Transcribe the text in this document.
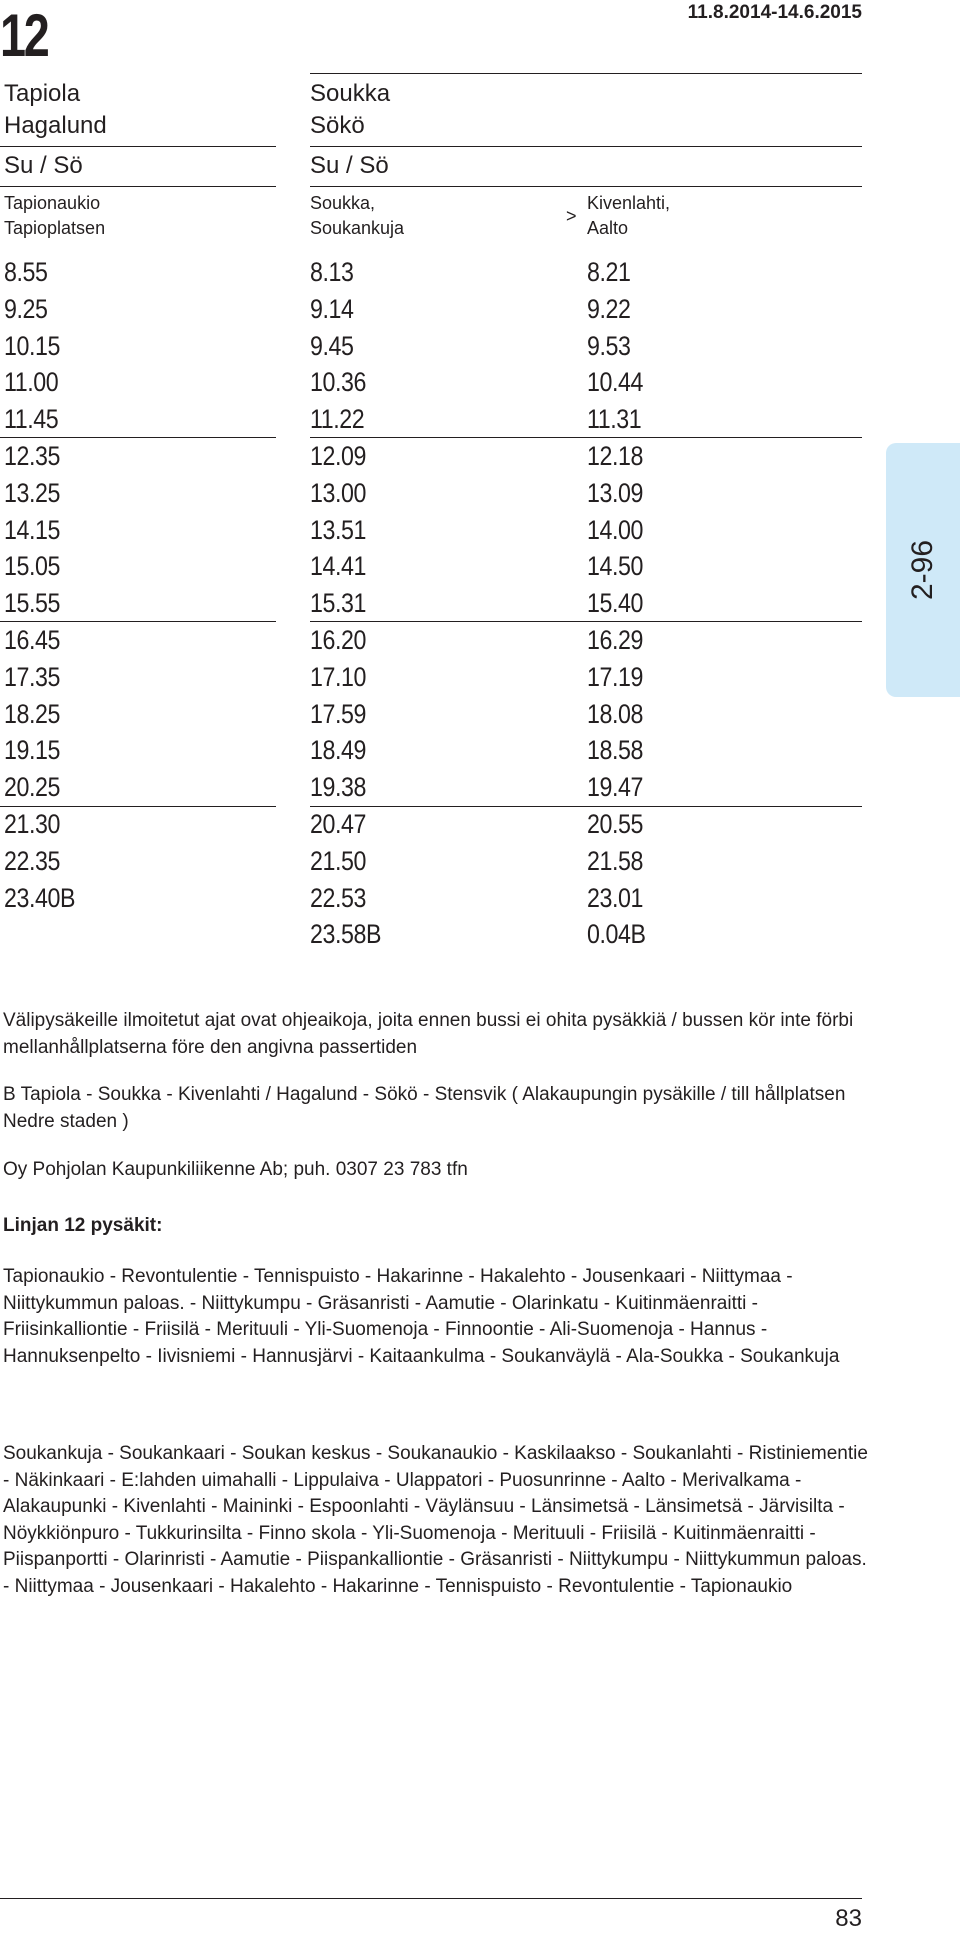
12	11.8.2014-14.6.2015
Tapiola
Hagalund
Su / Sö
Tapionaukio
Tapioplatsen
Soukka
Sökö
Su / Sö
Soukka,
Soukankuja
>
Kivenlahti,
Aalto
8.55
9.25
10.15
11.00
11.45
12.35
13.25
14.15
15.05
15.55
16.45
17.35
18.25
19.15
20.25
21.30
22.35
23.40B
8.13
9.14
9.45
10.36
11.22
12.09
13.00
13.51
14.41
15.31
16.20
17.10
17.59
18.49
19.38
20.47
21.50
22.53
23.58B
8.21
9.22
9.53
10.44
11.31
12.18
13.09
14.00
14.50
15.40
16.29
17.19
18.08
18.58
19.47
20.55
21.58
23.01
0.04B
2-96
Välipysäkeille ilmoitetut ajat ovat ohjeaikoja, joita ennen bussi ei ohita pysäkkiä / bussen kör inte förbi mellanhållplatserna före den angivna passertiden
B Tapiola - Soukka - Kivenlahti / Hagalund - Sökö - Stensvik ( Alakaupungin pysäkille / till hållplatsen Nedre staden )
Oy Pohjolan Kaupunkiliikenne Ab; puh. 0307 23 783 tfn
Linjan 12 pysäkit:
Tapionaukio - Revontulentie - Tennispuisto - Hakarinne - Hakalehto - Jousenkaari - Niittymaa - Niittykummun paloas. - Niittykumpu - Gräsanristi - Aamutie - Olarinkatu - Kuitinmäenraitti - Friisinkalliontie - Friisilä - Merituuli - Yli-Suomenoja - Finnoontie - Ali-Suomenoja - Hannus - Hannuksenpelto - Iivisniemi - Hannusjärvi - Kaitaankulma - Soukanväylä - Ala-Soukka - Soukankuja
Soukankuja - Soukankaari - Soukan keskus - Soukanaukio - Kaskilaakso - Soukanlahti - Ristiniementie - Näkinkaari - E:lahden uimahalli - Lippulaiva - Ulappatori - Puosunrinne - Aalto - Merivalkama - Alakaupunki - Kivenlahti - Maininki - Espoonlahti - Väylänsuu - Länsimetsä - Länsimetsä - Järvisilta - Nöykkiönpuro - Tukkurinsilta - Finno skola - Yli-Suomenoja - Merituuli - Friisilä - Kuitinmäenraitti - Piispanportti - Olarinristi - Aamutie - Piispankalliontie - Gräsanristi - Niittykumpu - Niittykummun paloas. - Niittymaa - Jousenkaari - Hakalehto - Hakarinne - Tennispuisto - Revontulentie - Tapionaukio
83
